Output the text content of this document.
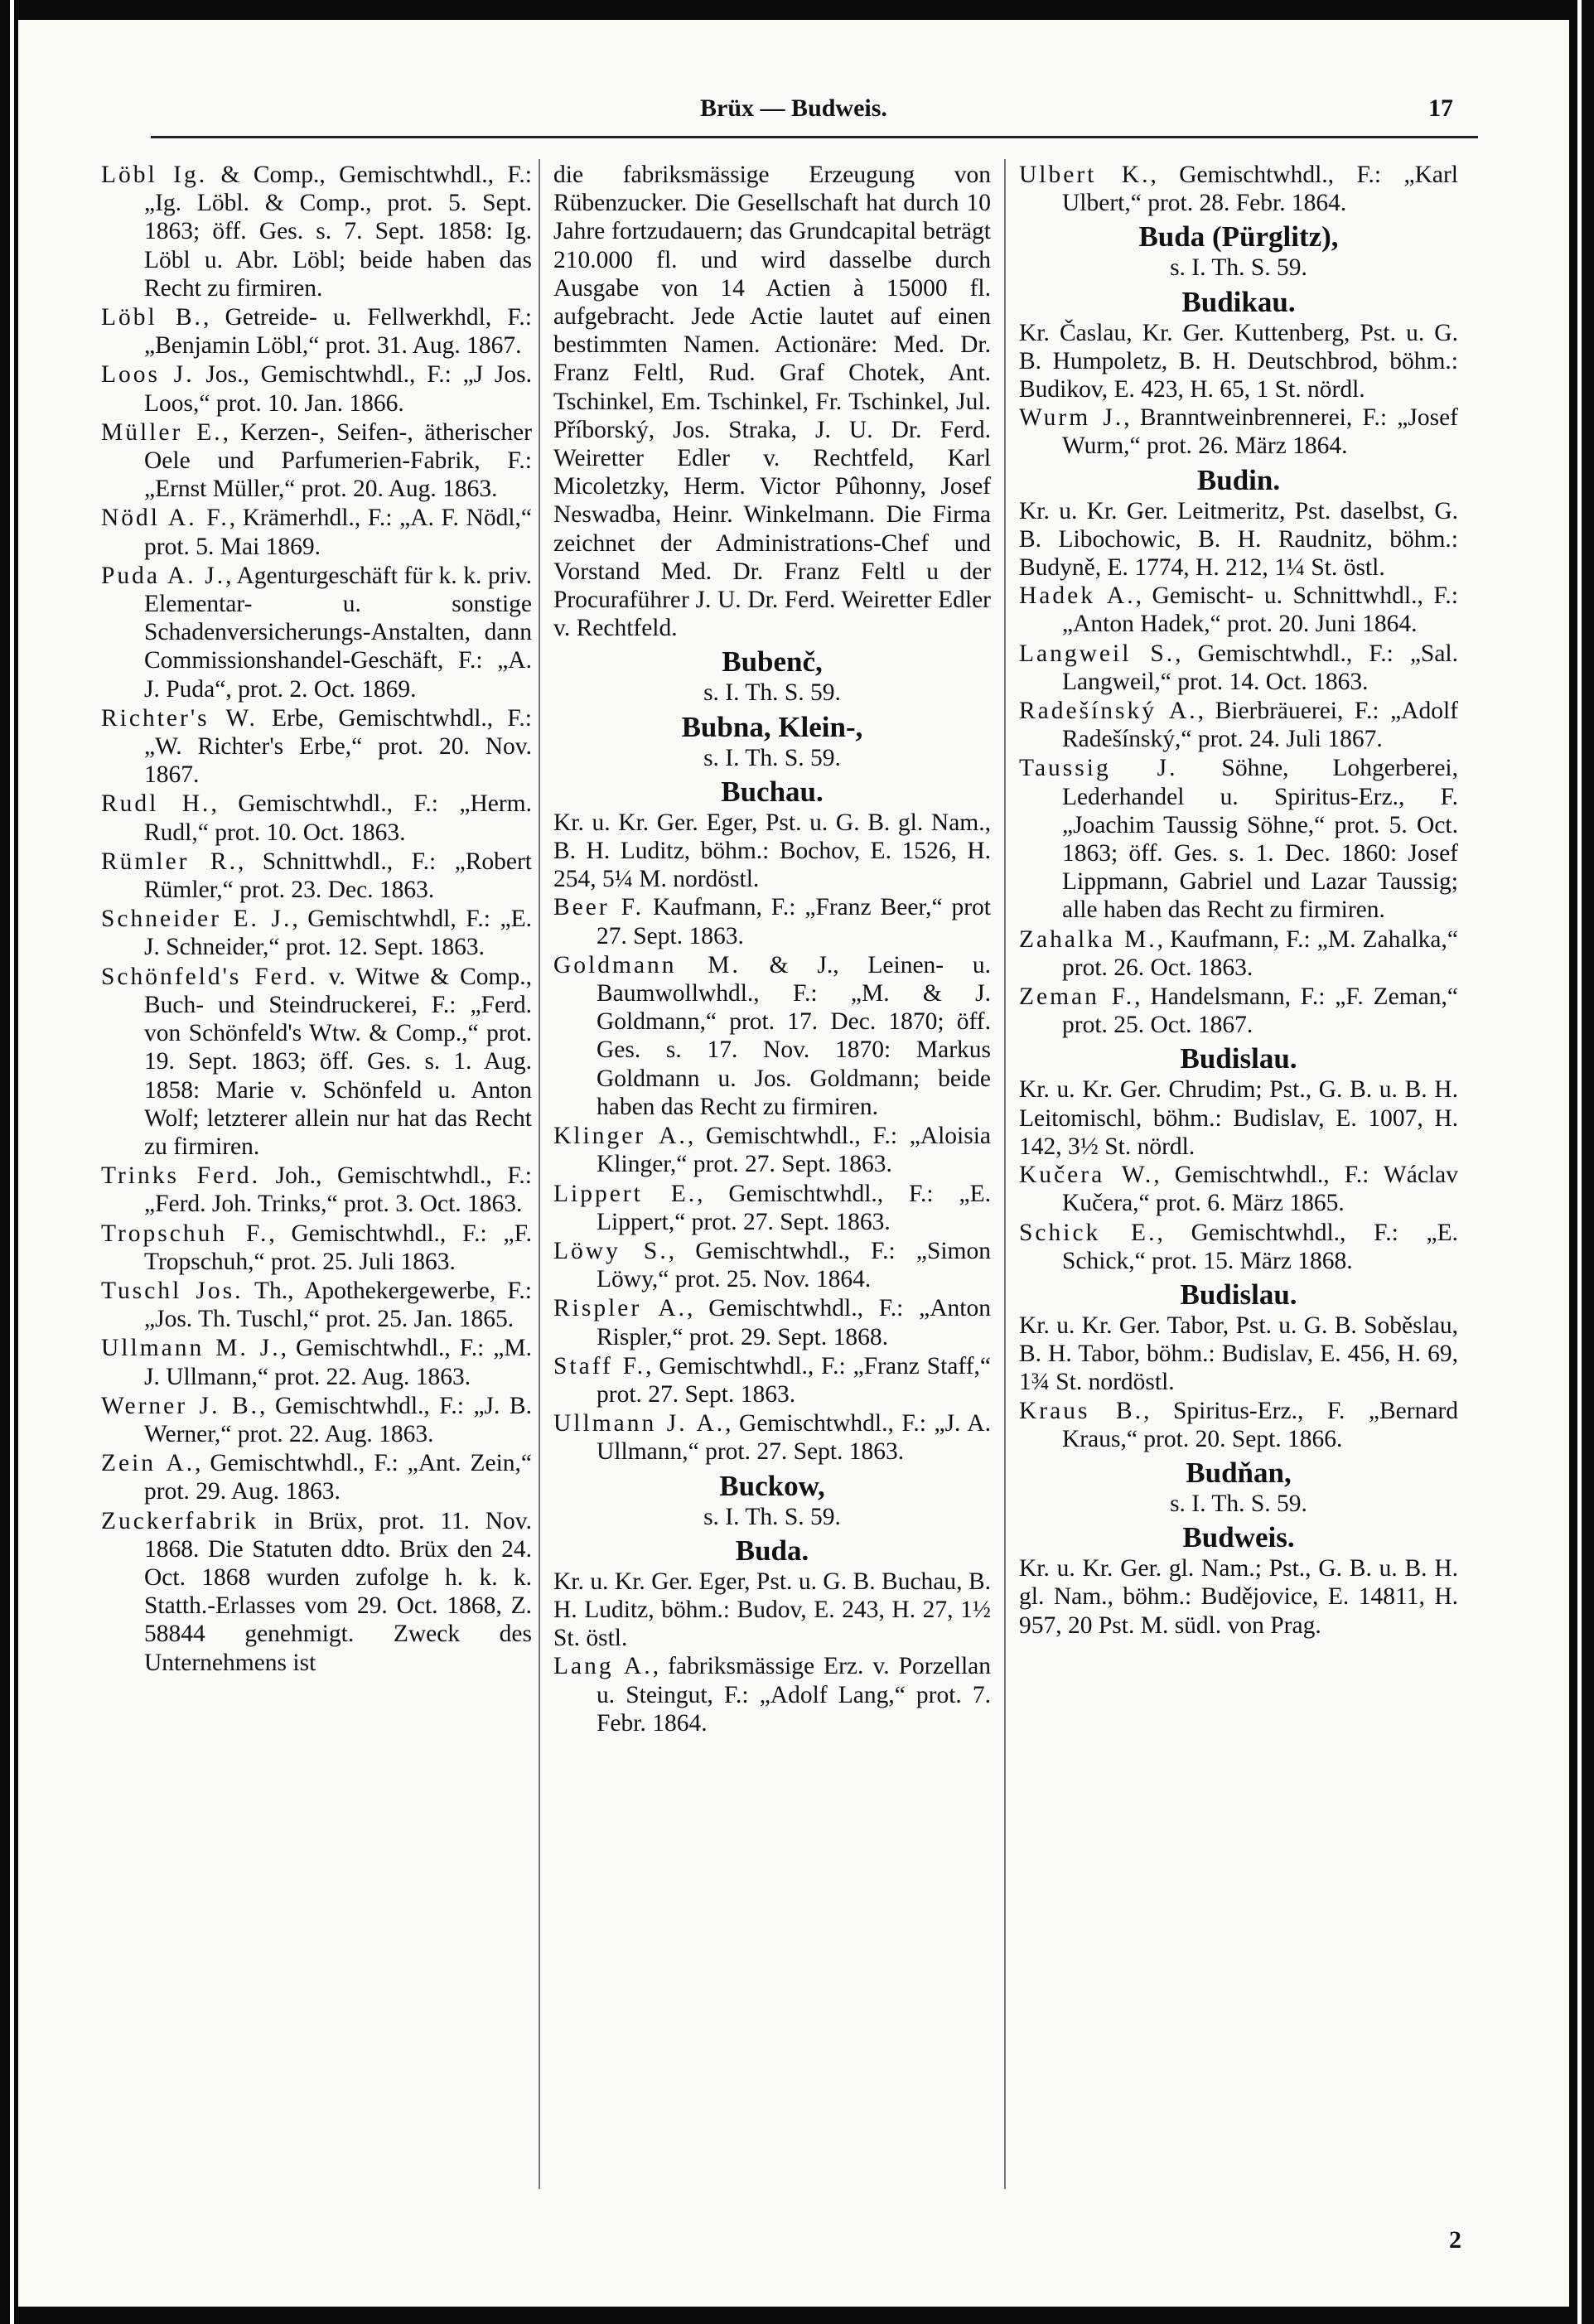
Brüx — Budweis.	17

Löbl Ig. & Comp., Gemischtwhdl., F.: „Ig. Löbl. & Comp., prot. 5. Sept. 1863; öff. Ges. s. 7. Sept. 1858: Ig. Löbl u. Abr. Löbl; beide haben das Recht zu firmiren.

Löbl B., Getreide- u. Fellwerkhdl, F.: „Benjamin Löbl,“ prot. 31. Aug. 1867.

Loos J. Jos., Gemischtwhdl., F.: „J Jos. Loos,“ prot. 10. Jan. 1866.

Müller E., Kerzen-, Seifen-, ätherischer Oele und Parfumerien-Fabrik, F.: „Ernst Müller,“ prot. 20. Aug. 1863.

Nödl A. F., Krämerhdl., F.: „A. F. Nödl,“ prot. 5. Mai 1869.

Puda A. J., Agenturgeschäft für k. k. priv. Elementar- u. sonstige Schadenversicherungs-Anstalten, dann Commissionshandel-Geschäft, F.: „A. J. Puda“, prot. 2. Oct. 1869.

Richter's W. Erbe, Gemischtwhdl., F.: „W. Richter's Erbe,“ prot. 20. Nov. 1867.

Rudl H., Gemischtwhdl., F.: „Herm. Rudl,“ prot. 10. Oct. 1863.

Rümler R., Schnittwhdl., F.: „Robert Rümler,“ prot. 23. Dec. 1863.

Schneider E. J., Gemischtwhdl, F.: „E. J. Schneider,“ prot. 12. Sept. 1863.

Schönfeld's Ferd. v. Witwe & Comp., Buch- und Steindruckerei, F.: „Ferd. von Schönfeld's Wtw. & Comp.,“ prot. 19. Sept. 1863; öff. Ges. s. 1. Aug. 1858: Marie v. Schönfeld u. Anton Wolf; letzterer allein nur hat das Recht zu firmiren.

Trinks Ferd. Joh., Gemischtwhdl., F.: „Ferd. Joh. Trinks,“ prot. 3. Oct. 1863.

Tropschuh F., Gemischtwhdl., F.: „F. Tropschuh,“ prot. 25. Juli 1863.

Tuschl Jos. Th., Apothekergewerbe, F.: „Jos. Th. Tuschl,“ prot. 25. Jan. 1865.

Ullmann M. J., Gemischtwhdl., F.: „M. J. Ullmann,“ prot. 22. Aug. 1863.

Werner J. B., Gemischtwhdl., F.: „J. B. Werner,“ prot. 22. Aug. 1863.

Zein A., Gemischtwhdl., F.: „Ant. Zein,“ prot. 29. Aug. 1863.

Zuckerfabrik in Brüx, prot. 11. Nov. 1868. Die Statuten ddto. Brüx den 24. Oct. 1868 wurden zufolge h. k. k. Statth.-Erlasses vom 29. Oct. 1868, Z. 58844 genehmigt. Zweck des Unternehmens ist

die fabriksmässige Erzeugung von Rübenzucker. Die Gesellschaft hat durch 10 Jahre fortzudauern; das Grundcapital beträgt 210.000 fl. und wird dasselbe durch Ausgabe von 14 Actien à 15000 fl. aufgebracht. Jede Actie lautet auf einen bestimmten Namen. Actionäre: Med. Dr. Franz Feltl, Rud. Graf Chotek, Ant. Tschinkel, Em. Tschinkel, Fr. Tschinkel, Jul. Příborský, Jos. Straka, J. U. Dr. Ferd. Weiretter Edler v. Rechtfeld, Karl Micoletzky, Herm. Victor Pûhonny, Josef Neswadba, Heinr. Winkelmann. Die Firma zeichnet der Administrations-Chef und Vorstand Med. Dr. Franz Feltl u der Procuraführer J. U. Dr. Ferd. Weiretter Edler v. Rechtfeld.

Bubenč,
s. I. Th. S. 59.
Bubna, Klein-,
s. I. Th. S. 59.
Buchau.

Kr. u. Kr. Ger. Eger, Pst. u. G. B. gl. Nam., B. H. Luditz, böhm.: Bochov, E. 1526, H. 254, 5¼ M. nordöstl.

Beer F. Kaufmann, F.: „Franz Beer,“ prot 27. Sept. 1863.

Goldmann M. & J., Leinen- u. Baumwollwhdl., F.: „M. & J. Goldmann,“ prot. 17. Dec. 1870; öff. Ges. s. 17. Nov. 1870: Markus Goldmann u. Jos. Goldmann; beide haben das Recht zu firmiren.

Klinger A., Gemischtwhdl., F.: „Aloisia Klinger,“ prot. 27. Sept. 1863.

Lippert E., Gemischtwhdl., F.: „E. Lippert,“ prot. 27. Sept. 1863.

Löwy S., Gemischtwhdl., F.: „Simon Löwy,“ prot. 25. Nov. 1864.

Rispler A., Gemischtwhdl., F.: „Anton Rispler,“ prot. 29. Sept. 1868.

Staff F., Gemischtwhdl., F.: „Franz Staff,“ prot. 27. Sept. 1863.

Ullmann J. A., Gemischtwhdl., F.: „J. A. Ullmann,“ prot. 27. Sept. 1863.

Buckow,
s. I. Th. S. 59.
Buda.

Kr. u. Kr. Ger. Eger, Pst. u. G. B. Buchau, B. H. Luditz, böhm.: Budov, E. 243, H. 27, 1½ St. östl.

Lang A., fabriksmässige Erz. v. Porzellan u. Steingut, F.: „Adolf Lang,“ prot. 7. Febr. 1864.

Ulbert K., Gemischtwhdl., F.: „Karl Ulbert,“ prot. 28. Febr. 1864.

Buda (Pürglitz),
s. I. Th. S. 59.
Budikau.

Kr. Časlau, Kr. Ger. Kuttenberg, Pst. u. G. B. Humpoletz, B. H. Deutschbrod, böhm.: Budikov, E. 423, H. 65, 1 St. nördl.

Wurm J., Branntweinbrennerei, F.: „Josef Wurm,“ prot. 26. März 1864.

Budin.

Kr. u. Kr. Ger. Leitmeritz, Pst. daselbst, G. B. Libochowic, B. H. Raudnitz, böhm.: Budyně, E. 1774, H. 212, 1¼ St. östl.

Hadek A., Gemischt- u. Schnittwhdl., F.: „Anton Hadek,“ prot. 20. Juni 1864.

Langweil S., Gemischtwhdl., F.: „Sal. Langweil,“ prot. 14. Oct. 1863.

Radešínský A., Bierbräuerei, F.: „Adolf Radešínský,“ prot. 24. Juli 1867.

Taussig J. Söhne, Lohgerberei, Lederhandel u. Spiritus-Erz., F. „Joachim Taussig Söhne,“ prot. 5. Oct. 1863; öff. Ges. s. 1. Dec. 1860: Josef Lippmann, Gabriel und Lazar Taussig; alle haben das Recht zu firmiren.

Zahalka M., Kaufmann, F.: „M. Zahalka,“ prot. 26. Oct. 1863.

Zeman F., Handelsmann, F.: „F. Zeman,“ prot. 25. Oct. 1867.

Budislau.

Kr. u. Kr. Ger. Chrudim; Pst., G. B. u. B. H. Leitomischl, böhm.: Budislav, E. 1007, H. 142, 3½ St. nördl.

Kučera W., Gemischtwhdl., F.: Wáclav Kučera,“ prot. 6. März 1865.

Schick E., Gemischtwhdl., F.: „E. Schick,“ prot. 15. März 1868.

Budislau.

Kr. u. Kr. Ger. Tabor, Pst. u. G. B. Soběslau, B. H. Tabor, böhm.: Budislav, E. 456, H. 69, 1¾ St. nordöstl.

Kraus B., Spiritus-Erz., F. „Bernard Kraus,“ prot. 20. Sept. 1866.

Budňan,
s. I. Th. S. 59.
Budweis.

Kr. u. Kr. Ger. gl. Nam.; Pst., G. B. u. B. H. gl. Nam., böhm.: Budějovice, E. 14811, H. 957, 20 Pst. M. südl. von Prag.

2
